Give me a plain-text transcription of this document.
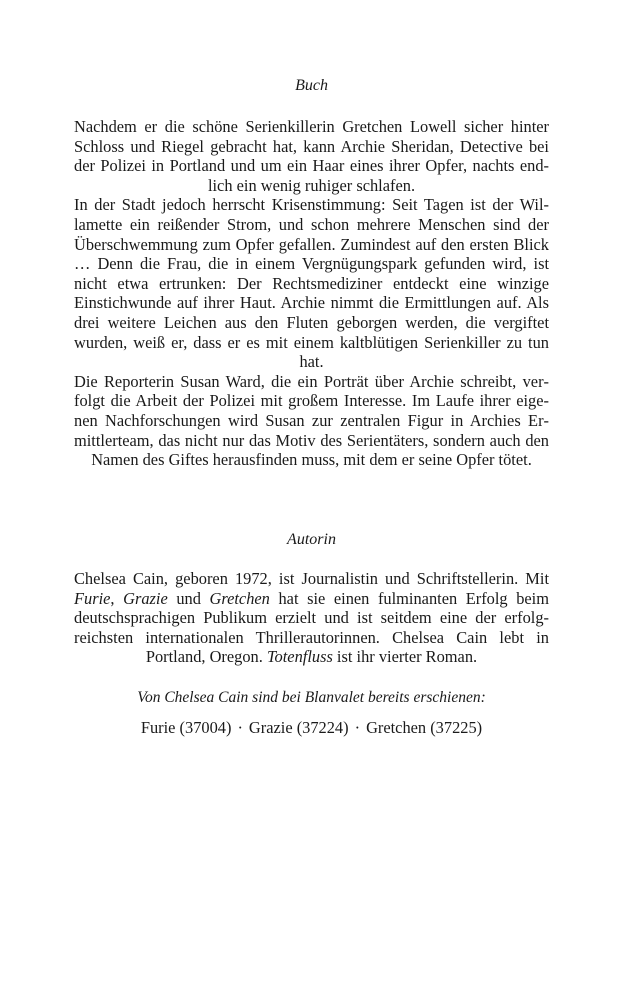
Buch

Nachdem er die schöne Serienkillerin Gretchen Lowell sicher hinter Schloss und Riegel gebracht hat, kann Archie Sheridan, Detective bei der Polizei in Portland und um ein Haar eines ihrer Opfer, nachts endlich ein wenig ruhiger schlafen.

In der Stadt jedoch herrscht Krisenstimmung: Seit Tagen ist der Willamette ein reißender Strom, und schon mehrere Menschen sind der Überschwemmung zum Opfer gefallen. Zumindest auf den ersten Blick … Denn die Frau, die in einem Vergnügungspark gefunden wird, ist nicht etwa ertrunken: Der Rechtsmediziner entdeckt eine winzige Einstichwunde auf ihrer Haut. Archie nimmt die Ermittlungen auf. Als drei weitere Leichen aus den Fluten geborgen werden, die vergiftet wurden, weiß er, dass er es mit einem kaltblütigen Serienkiller zu tun hat.

Die Reporterin Susan Ward, die ein Porträt über Archie schreibt, verfolgt die Arbeit der Polizei mit großem Interesse. Im Laufe ihrer eigenen Nachforschungen wird Susan zur zentralen Figur in Archies Ermittlerteam, das nicht nur das Motiv des Serientäters, sondern auch den Namen des Giftes herausfinden muss, mit dem er seine Opfer tötet.

Autorin

Chelsea Cain, geboren 1972, ist Journalistin und Schriftstellerin. Mit Furie, Grazie und Gretchen hat sie einen fulminanten Erfolg beim deutschsprachigen Publikum erzielt und ist seitdem eine der erfolgreichsten internationalen Thrillerautorinnen. Chelsea Cain lebt in Portland, Oregon. Totenfluss ist ihr vierter Roman.

Von Chelsea Cain sind bei Blanvalet bereits erschienen:

Furie (37004) · Grazie (37224) · Gretchen (37225)
